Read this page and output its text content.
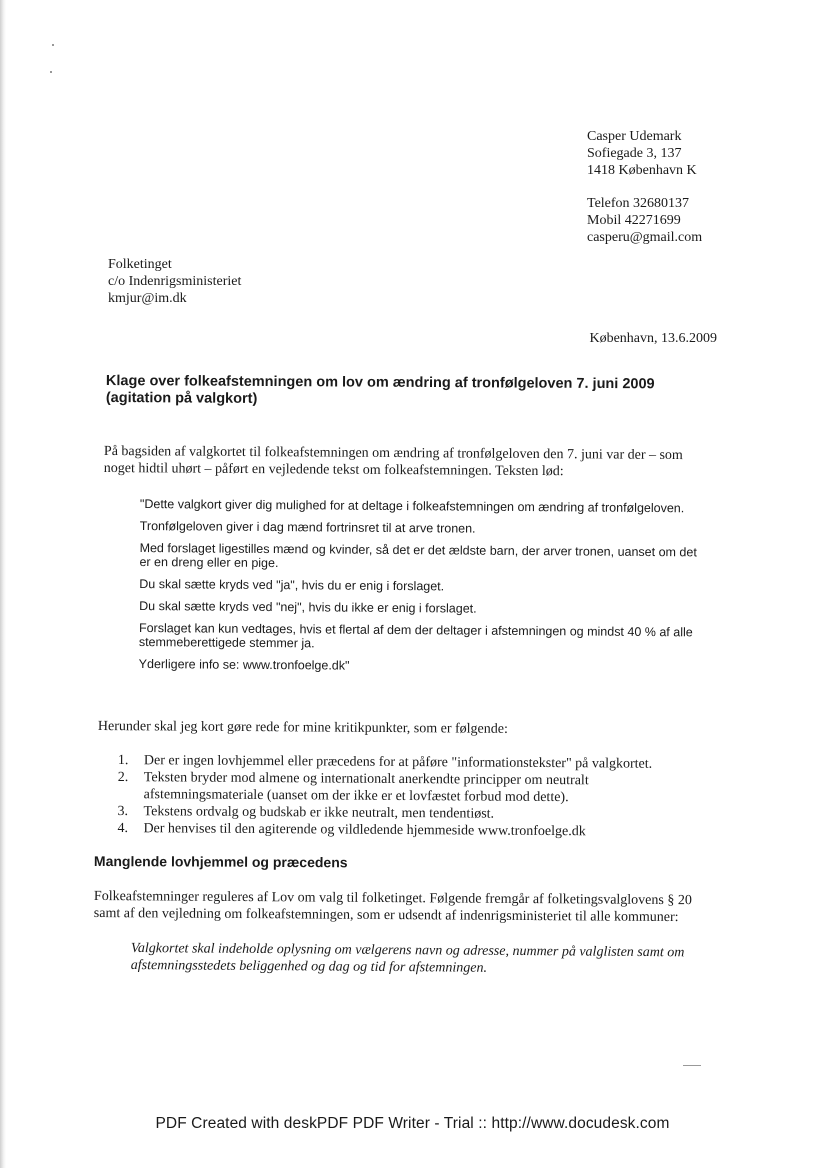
Casper Udemark
Sofiegade 3, 137
1418 København K
Telefon 32680137
Mobil 42271699
casperu@gmail.com
Folketinget
c/o Indenrigsministeriet
kmjur@im.dk
København, 13.6.2009
Klage over folkeafstemningen om lov om ændring af tronfølgeloven 7. juni 2009
(agitation på valgkort)
På bagsiden af valgkortet til folkeafstemningen om ændring af tronfølgeloven den 7. juni var der – som
noget hidtil uhørt – påført en vejledende tekst om folkeafstemningen. Teksten lød:
"Dette valgkort giver dig mulighed for at deltage i folkeafstemningen om ændring af tronfølgeloven.
Tronfølgeloven giver i dag mænd fortrinsret til at arve tronen.
Med forslaget ligestilles mænd og kvinder, så det er det ældste barn, der arver tronen, uanset om det
er en dreng eller en pige.
Du skal sætte kryds ved "ja", hvis du er enig i forslaget.
Du skal sætte kryds ved "nej", hvis du ikke er enig i forslaget.
Forslaget kan kun vedtages, hvis et flertal af dem der deltager i afstemningen og mindst 40 % af alle
stemmeberettigede stemmer ja.
Yderligere info se: www.tronfoelge.dk"
Herunder skal jeg kort gøre rede for mine kritikpunkter, som er følgende:
1. Der er ingen lovhjemmel eller præcedens for at påføre "informationstekster" på valgkortet.
2. Teksten bryder mod almene og internationalt anerkendte principper om neutralt
afstemningsmateriale (uanset om der ikke er et lovfæstet forbud mod dette).
3. Tekstens ordvalg og budskab er ikke neutralt, men tendentiøst.
4. Der henvises til den agiterende og vildledende hjemmeside www.tronfoelge.dk
Manglende lovhjemmel og præcedens
Folkeafstemninger reguleres af Lov om valg til folketinget. Følgende fremgår af folketingsvalglovens § 20
samt af den vejledning om folkeafstemningen, som er udsendt af indenrigsministeriet til alle kommuner:
Valgkortet skal indeholde oplysning om vælgerens navn og adresse, nummer på valglisten samt om
afstemningsstedets beliggenhed og dag og tid for afstemningen.
PDF Created with deskPDF PDF Writer - Trial :: http://www.docudesk.com
